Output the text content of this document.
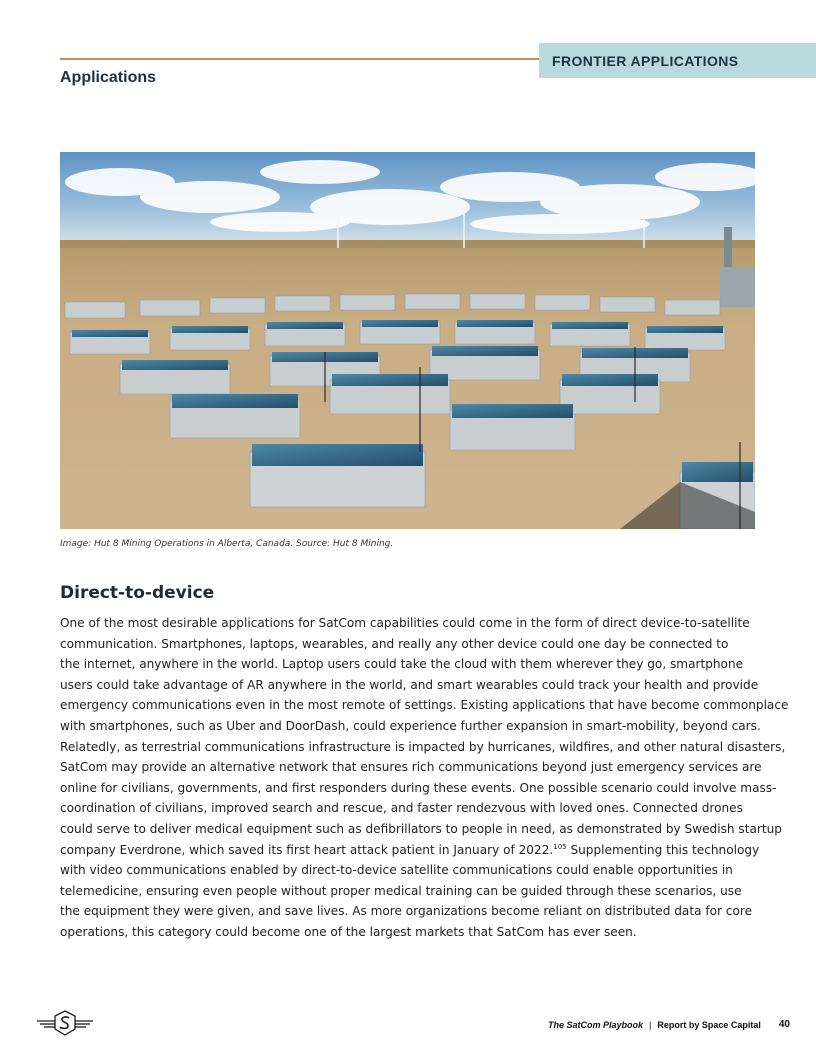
FRONTIER APPLICATIONS
Applications
Image: Hut 8 Mining Operations in Alberta, Canada. Source: Hut 8 Mining.
Direct-to-device
One of the most desirable applications for SatCom capabilities could come in the form of direct device-to-satellite
communication. Smartphones, laptops, wearables, and really any other device could one day be connected to
the internet, anywhere in the world. Laptop users could take the cloud with them wherever they go, smartphone
users could take advantage of AR anywhere in the world, and smart wearables could track your health and provide
emergency communications even in the most remote of settings. Existing applications that have become commonplace
with smartphones, such as Uber and DoorDash, could experience further expansion in smart-mobility, beyond cars.
Relatedly, as terrestrial communications infrastructure is impacted by hurricanes, wildfires, and other natural disasters,
SatCom may provide an alternative network that ensures rich communications beyond just emergency services are
online for civilians, governments, and first responders during these events. One possible scenario could involve mass-
coordination of civilians, improved search and rescue, and faster rendezvous with loved ones. Connected drones
could serve to deliver medical equipment such as defibrillators to people in need, as demonstrated by Swedish startup
company Everdrone, which saved its first heart attack patient in January of 2022.$^{105}$ Supplementing this technology
with video communications enabled by direct-to-device satellite communications could enable opportunities in
telemedicine, ensuring even people without proper medical training can be guided through these scenarios, use
the equipment they were given, and save lives. As more organizations become reliant on distributed data for core
operations, this category could become one of the largest markets that SatCom has ever seen.
The SatCom Playbook | Report by Space Capital 40
